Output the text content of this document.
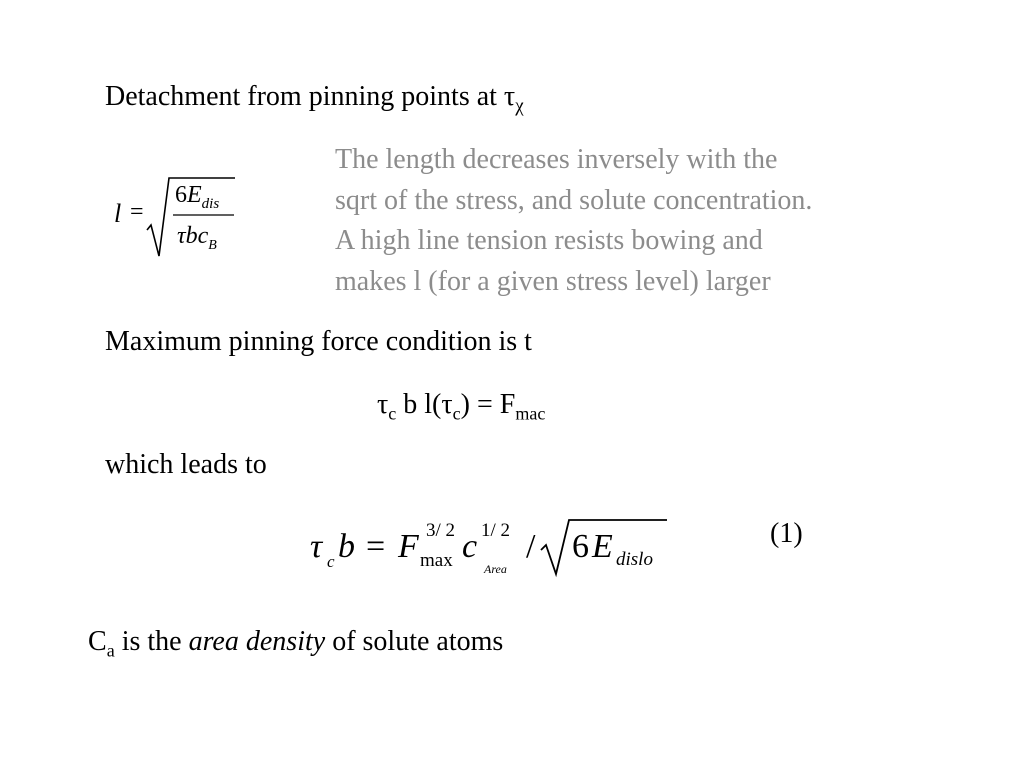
Detachment from pinning points at $\tau_\chi$
l =
$6E_{dis}$
τbc$_B$
The length decreases inversely with the
sqrt of the stress, and solute concentration.
A high line tension resists bowing and
makes l (for a given stress level) larger
Maximum pinning force condition is t
$\tau_c$ b $l(\tau_c) = F_{mac}$
which leads to
τ c b = F 3/ 2
max c 1/ 2
Area
/ 6 E dislo
(1)
$C_a$ is the area density of solute atoms
